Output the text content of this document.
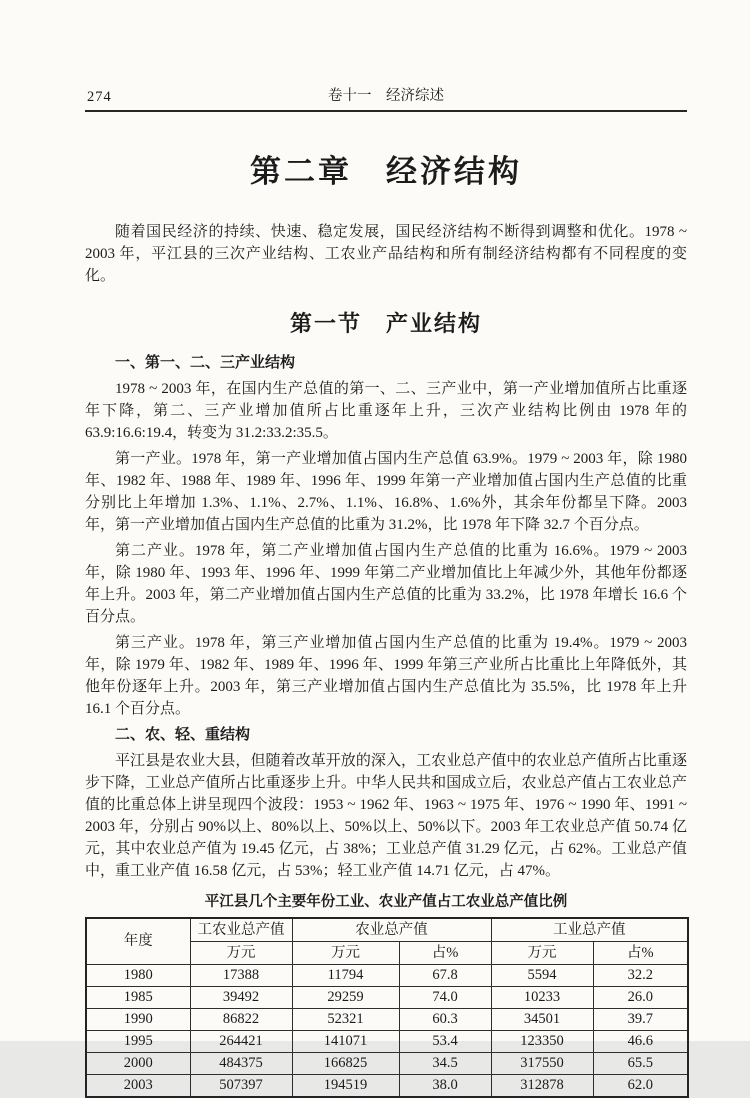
274	卷十一　经济综述
第二章　经济结构

随着国民经济的持续、快速、稳定发展，国民经济结构不断得到调整和优化。1978 ~ 2003 年，平江县的三次产业结构、工农业产品结构和所有制经济结构都有不同程度的变化。

第一节　产业结构

一、第一、二、三产业结构

1978 ~ 2003 年，在国内生产总值的第一、二、三产业中，第一产业增加值所占比重逐年下降，第二、三产业增加值所占比重逐年上升，三次产业结构比例由 1978 年的 63.9:16.6:19.4，转变为 31.2:33.2:35.5。

第一产业。1978 年，第一产业增加值占国内生产总值 63.9%。1979 ~ 2003 年，除 1980 年、1982 年、1988 年、1989 年、1996 年、1999 年第一产业增加值占国内生产总值的比重分别比上年增加 1.3%、1.1%、2.7%、1.1%、16.8%、1.6%外，其余年份都呈下降。2003 年，第一产业增加值占国内生产总值的比重为 31.2%，比 1978 年下降 32.7 个百分点。

第二产业。1978 年，第二产业增加值占国内生产总值的比重为 16.6%。1979 ~ 2003 年，除 1980 年、1993 年、1996 年、1999 年第二产业增加值比上年减少外，其他年份都逐年上升。2003 年，第二产业增加值占国内生产总值的比重为 33.2%，比 1978 年增长 16.6 个百分点。

第三产业。1978 年，第三产业增加值占国内生产总值的比重为 19.4%。1979 ~ 2003 年，除 1979 年、1982 年、1989 年、1996 年、1999 年第三产业所占比重比上年降低外，其他年份逐年上升。2003 年，第三产业增加值占国内生产总值比为 35.5%，比 1978 年上升 16.1 个百分点。

二、农、轻、重结构

平江县是农业大县，但随着改革开放的深入，工农业总产值中的农业总产值所占比重逐步下降，工业总产值所占比重逐步上升。中华人民共和国成立后，农业总产值占工农业总产值的比重总体上讲呈现四个波段：1953 ~ 1962 年、1963 ~ 1975 年、1976 ~ 1990 年、1991 ~ 2003 年，分别占 90%以上、80%以上、50%以上、50%以下。2003 年工农业总产值 50.74 亿元，其中农业总产值为 19.45 亿元，占 38%；工业总产值 31.29 亿元，占 62%。工业总产值中，重工业产值 16.58 亿元，占 53%；轻工业产值 14.71 亿元，占 47%。

平江县几个主要年份工业、农业产值占工农业总产值比例

年度	工农业总产值	农业总产值		工业总产值	
	万元	万元	占%	万元	占%
1980	17388	11794	67.8	5594	32.2
1985	39492	29259	74.0	10233	26.0
1990	86822	52321	60.3	34501	39.7
1995	264421	141071	53.4	123350	46.6
2000	484375	166825	34.5	317550	65.5
2003	507397	194519	38.0	312878	62.0
